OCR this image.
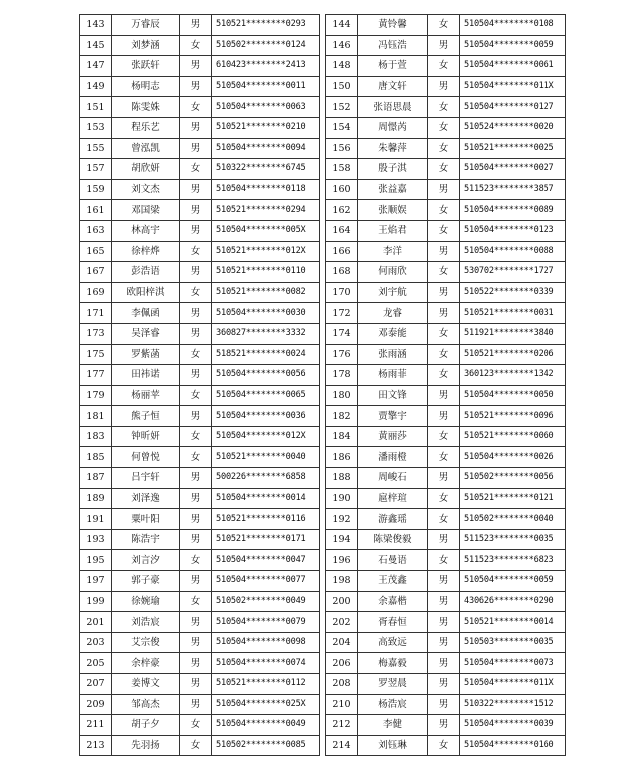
143	万睿辰	男	510521********0293		144	黄铃馨	女	510504********0108
145	刘梦涵	女	510502********0124		146	冯钰浩	男	510504********0059
147	张跃轩	男	610423********2413		148	杨于萱	女	510504********0061
149	杨明志	男	510504********0011		150	唐文轩	男	510504********011X
151	陈雯姝	女	510504********0063		152	张语思晨	女	510504********0127
153	程乐艺	男	510521********0210		154	周憬芮	女	510524********0020
155	曾泓凯	男	510504********0094		156	朱馨萍	女	510521********0025
157	胡欣妍	女	510322********6745		158	殷子淇	女	510504********0027
159	刘文杰	男	510504********0118		160	张益嘉	男	511523********3857
161	邓国梁	男	510521********0294		162	张顺娱	女	510504********0089
163	林高宇	男	510504********005X		164	王焰君	女	510504********0123
165	徐梓烨	女	510521********012X		166	李洋	男	510504********0088
167	彭浩语	男	510521********0110		168	何雨欣	女	530702********1727
169	欧阳梓淇	女	510521********0082		170	刘宇航	男	510522********0339
171	李佩函	男	510504********0030		172	龙睿	男	510521********0031
173	吴泽睿	男	360827********3332		174	邓泰能	女	511921********3840
175	罗紫菡	女	518521********0024		176	张雨涵	女	510521********0206
177	田祎诺	男	510504********0056		178	杨雨菲	女	360123********1342
179	杨丽苹	女	510504********0065		180	田文锋	男	510504********0050
181	熊子恒	男	510504********0036		182	贾擎宇	男	510521********0096
183	钟昕妍	女	510504********012X		184	黄丽莎	女	510521********0060
185	何曾悦	女	510521********0040		186	潘雨橙	女	510504********0026
187	吕宇轩	男	500226********6858		188	周峻石	男	510502********0056
189	刘泽逸	男	510504********0014		190	扈梓瑄	女	510521********0121
191	粟叶阳	男	510521********0116		192	游鑫瑶	女	510502********0040
193	陈浩宇	男	510521********0171		194	陈梁俊毅	男	511523********0035
195	刘言汐	女	510504********0047		196	石曼语	女	511523********6823
197	郭子豪	男	510504********0077		198	王茂鑫	男	510504********0059
199	徐婉瑜	女	510502********0049		200	余嘉楷	男	430626********0290
201	刘浩宸	男	510504********0079		202	胥春恒	男	510521********0014
203	艾宗俊	男	510504********0098		204	高致远	男	510503********0035
205	余梓豪	男	510504********0074		206	梅嘉毅	男	510504********0073
207	姜博文	男	510521********0112		208	罗翌晨	男	510504********011X
209	邹高杰	男	510504********025X		210	杨浩宸	男	510322********1512
211	胡子夕	女	510504********0049		212	李健	男	510504********0039
213	先羽扬	女	510502********0085		214	刘钰琳	女	510504********0160
